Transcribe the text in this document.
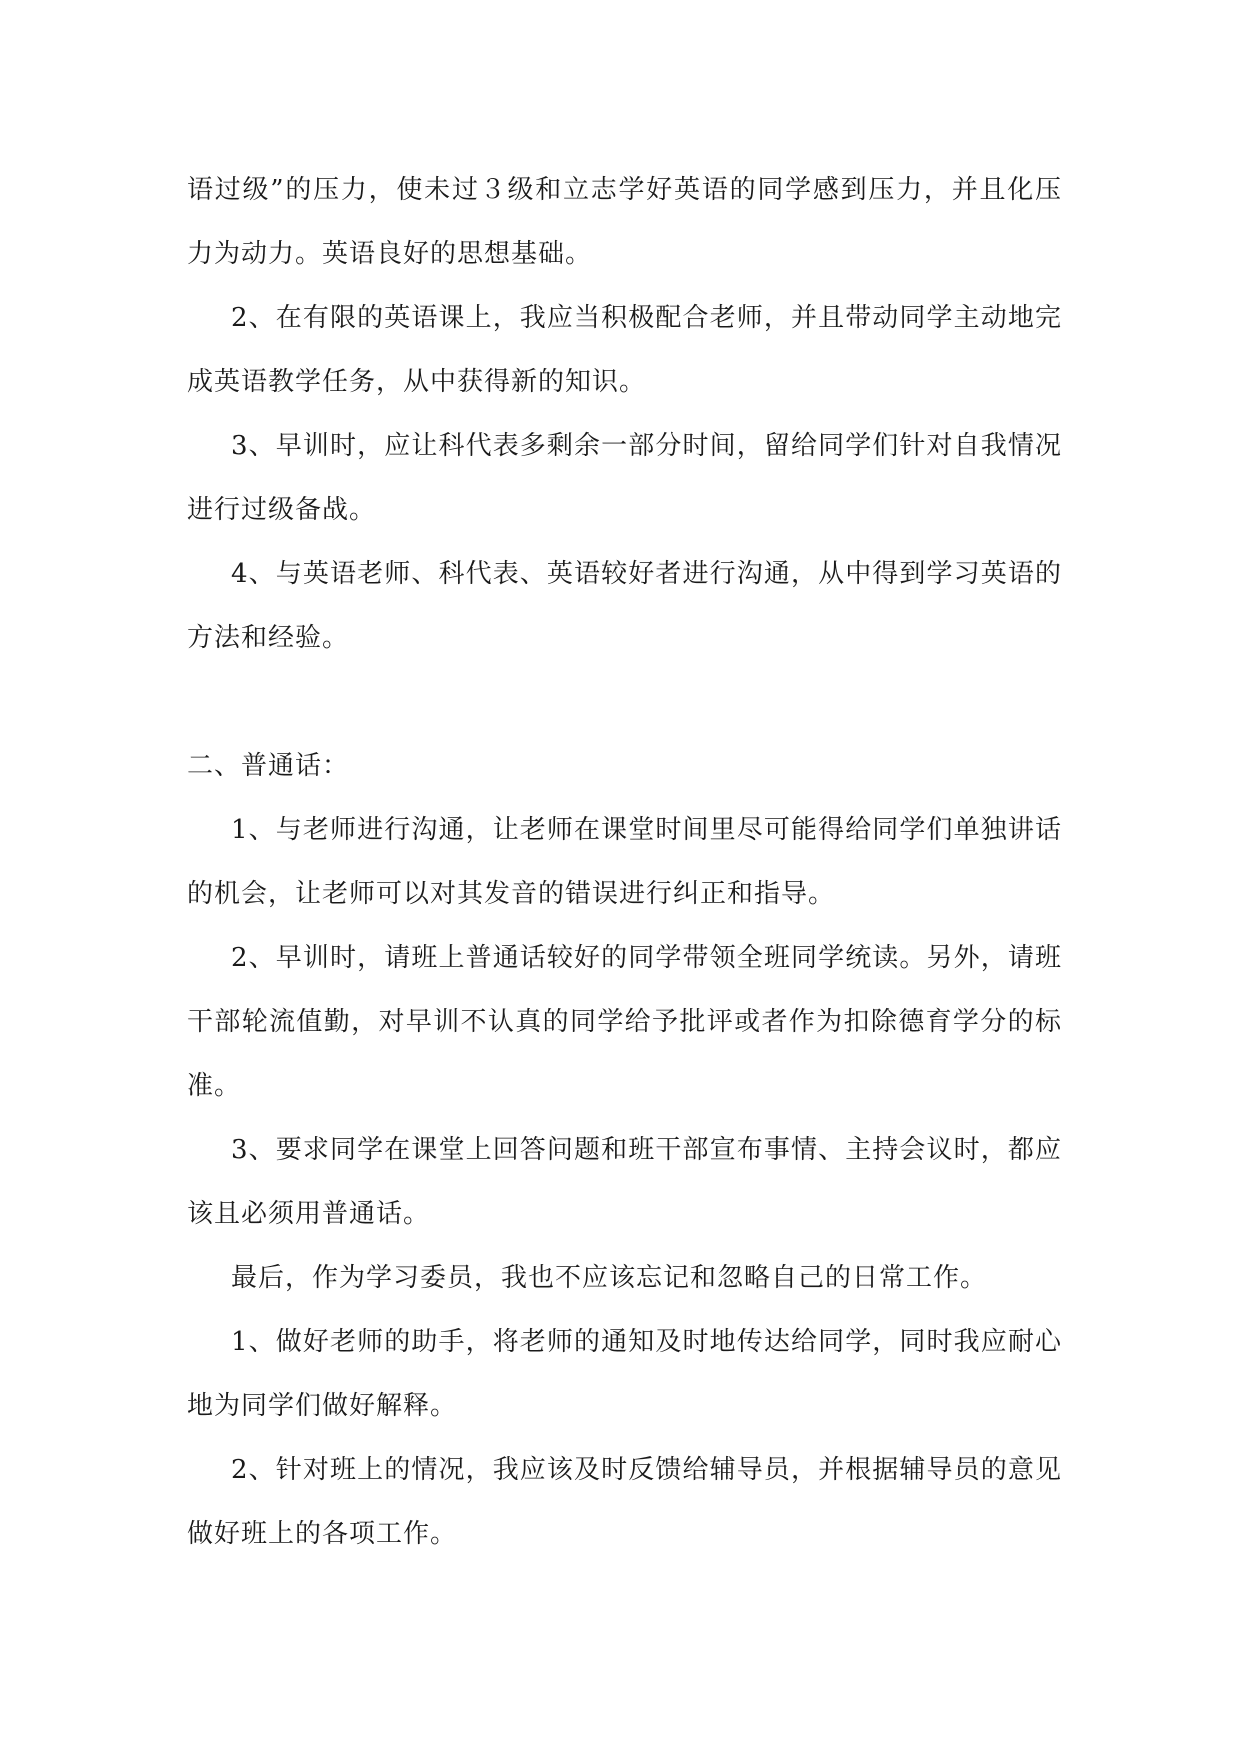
语过级”的压力，使未过３级和立志学好英语的同学感到压力，并且化压力为动力。英语良好的思想基础。

2、在有限的英语课上，我应当积极配合老师，并且带动同学主动地完成英语教学任务，从中获得新的知识。

3、早训时，应让科代表多剩余一部分时间，留给同学们针对自我情况进行过级备战。

4、与英语老师、科代表、英语较好者进行沟通，从中得到学习英语的方法和经验。

二、普通话：

1、与老师进行沟通，让老师在课堂时间里尽可能得给同学们单独讲话的机会，让老师可以对其发音的错误进行纠正和指导。

2、早训时，请班上普通话较好的同学带领全班同学统读。另外，请班干部轮流值勤，对早训不认真的同学给予批评或者作为扣除德育学分的标准。

3、要求同学在课堂上回答问题和班干部宣布事情、主持会议时，都应该且必须用普通话。

最后，作为学习委员，我也不应该忘记和忽略自己的日常工作。

1、做好老师的助手，将老师的通知及时地传达给同学，同时我应耐心地为同学们做好解释。

2、针对班上的情况，我应该及时反馈给辅导员，并根据辅导员的意见做好班上的各项工作。
